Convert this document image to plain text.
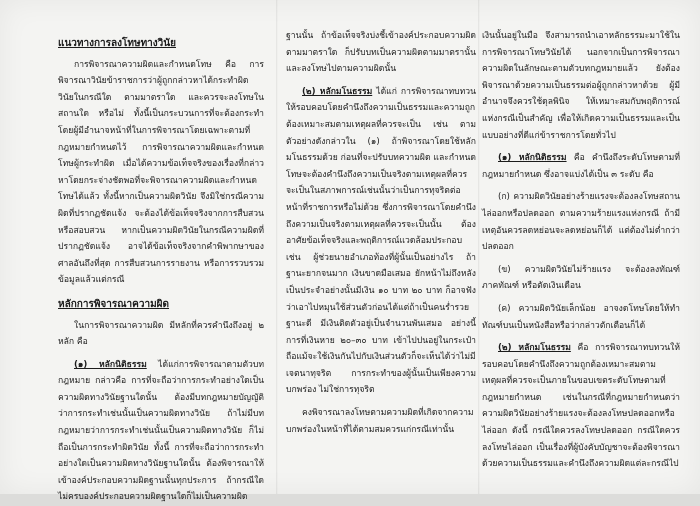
แนวทางการลงโทษทางวินัย

การพิจารณาความผิดและกำหนดโทษ คือ การพิจารณาวินัยข้าราชการว่าผู้ถูกกล่าวหาได้กระทำผิดวินัยในกรณีใด ตามมาตราใด และควรจะลงโทษในสถานใด หรือไม่ ทั้งนี้เป็นกระบวนการที่จะต้องกระทำโดยผู้มีอำนาจหน้าที่ในการพิจารณาโดยเฉพาะตามที่กฎหมายกำหนดไว้ การพิจารณาความผิดและกำหนดโทษผู้กระทำผิด เมื่อได้ความข้อเท็จจริงของเรื่องที่กล่าวหาโดยกระจ่างชัดพอที่จะพิจารณาความผิดและกำหนดโทษได้แล้ว ทั้งนี้หากเป็นความผิดวินัย จึงมิใช่กรณีความผิดที่ปรากฏชัดแจ้ง จะต้องได้ข้อเท็จจริงจากการสืบสวนหรือสอบสวน หากเป็นความผิดวินัยในกรณีความผิดที่ปรากฏชัดแจ้ง อาจได้ข้อเท็จจริงจากคำพิพากษาของศาลอันถึงที่สุด การสืบสวนการรายงาน หรือการรวบรวมข้อมูลแล้วแต่กรณี

หลักการพิจารณาความผิด

ในการพิจารณาความผิด มีหลักที่ควรคำนึงถึงอยู่ ๒ หลัก คือ

(๑) หลักนิติธรรม ได้แก่การพิจารณาตามตัวบทกฎหมาย กล่าวคือ การที่จะถือว่าการกระทำอย่างใดเป็นความผิดทางวินัยฐานใดนั้น ต้องมีบทกฎหมายบัญญัติว่าการกระทำเช่นนั้นเป็นความผิดทางวินัย ถ้าไม่มีบทกฎหมายว่าการกระทำเช่นนั้นเป็นความผิดทางวินัย ก็ไม่ถือเป็นการกระทำผิดวินัย ทั้งนี้ การที่จะถือว่าการกระทำอย่างใดเป็นความผิดทางวินัยฐานใดนั้น ต้องพิจารณาให้เข้าองค์ประกอบความผิดฐานนั้นทุกประการ ถ้ากรณีใดไม่ครบองค์ประกอบความผิดฐานใดก็ไม่เป็นความผิด

ฐานนั้น ถ้าข้อเท็จจริงบ่งชี้เข้าองค์ประกอบความผิดตามมาตราใด ก็ปรับบทเป็นความผิดตามมาตรานั้น และลงโทษไปตามความผิดนั้น

(๒) หลักมโนธรรม ได้แก่ การพิจารณาทบทวนให้รอบคอบโดยคำนึงถึงความเป็นธรรมและความถูกต้องเหมาะสมตามเหตุผลที่ควรจะเป็น เช่น ตามตัวอย่างดังกล่าวใน (๑) ถ้าพิจารณาโดยใช้หลักมโนธรรมด้วย ก่อนที่จะปรับบทความผิด และกำหนดโทษจะต้องคำนึงถึงความเป็นจริงตามเหตุผลที่ควรจะเป็นในสภาพการณ์เช่นนั้นว่าเป็นการทุจริตต่อหน้าที่ราชการหรือไม่ด้วย ซึ่งการพิจารณาโดยคำนึงถึงความเป็นจริงตามเหตุผลที่ควรจะเป็นนั้น ต้องอาศัยข้อเท็จจริงและพฤติการณ์แวดล้อมประกอบ เช่น ผู้ช่วยนายอำเภอท้องที่ผู้นั้นเป็นอย่างไร ถ้าฐานะยากจนมาก เงินขาดมือเสมอ ยักหน้าไม่ถึงหลังเป็นประจำอย่างนั้นมีเงิน ๑๐ บาท ๒๐ บาท ก็อาจฟังว่าเอาไปหมุนใช้ส่วนตัวก่อนได้แต่ถ้าเป็นคนร่ำรวย ฐานะดี มีเงินติดตัวอยู่เป็นจำนวนพันเสมอ อย่างนี้การที่เงินหาย ๒๐–๓๐ บาท เข้าไปปนอยู่ในกระเป๋า ถือแม้จะใช้เงินกันไปกับเงินส่วนตัวก็จะเห็นได้ว่าไม่มีเจตนาทุจริต การกระทำของผู้นั้นเป็นเพียงความบกพร่อง ไม่ใช่การทุจริต

คงพิจารณาลงโทษตามความผิดที่เกิดจากความบกพร่องในหน้าที่ได้ตามสมควรแก่กรณีเท่านั้น

เงินนั้นอยู่ในมือ จึงสามารถนำเอาหลักธรรมะมาใช้ในการพิจารณาโทษวินัยได้ นอกจากเป็นการพิจารณาความผิดในลักษณะตามตัวบทกฎหมายแล้ว ยังต้องพิจารณาด้วยความเป็นธรรมต่อผู้ถูกกล่าวหาด้วย ผู้มีอำนาจจึงควรใช้ดุลพินิจ ให้เหมาะสมกับพฤติการณ์แห่งกรณีเป็นสำคัญ เพื่อให้เกิดความเป็นธรรมและเป็นแบบอย่างที่ดีแก่ข้าราชการโดยทั่วไป

(๑) หลักนิติธรรม คือ คำนึงถึงระดับโทษตามที่กฎหมายกำหนด ซึ่งอาจแบ่งได้เป็น ๓ ระดับ คือ

(ก) ความผิดวินัยอย่างร้ายแรงจะต้องลงโทษสถานไล่ออกหรือปลดออก ตามความร้ายแรงแห่งกรณี ถ้ามีเหตุอันควรลดหย่อนจะลดหย่อนก็ได้ แต่ต้องไม่ต่ำกว่าปลดออก

(ข) ความผิดวินัยไม่ร้ายแรง จะต้องลงทัณฑ์ภาคทัณฑ์ หรือตัดเงินเดือน

(ค) ความผิดวินัยเล็กน้อย อาจงดโทษโดยให้ทำทัณฑ์บนเป็นหนังสือหรือว่ากล่าวตักเตือนก็ได้

(๒) หลักมโนธรรม คือ การพิจารณาทบทวนให้รอบคอบโดยคำนึงถึงความถูกต้องเหมาะสมตามเหตุผลที่ควรจะเป็นภายในขอบเขตระดับโทษตามที่กฎหมายกำหนด เช่นในกรณีที่กฎหมายกำหนดว่าความผิดวินัยอย่างร้ายแรงจะต้องลงโทษปลดออกหรือไล่ออก ดังนี้ กรณีใดควรลงโทษปลดออก กรณีใดควรลงโทษไล่ออก เป็นเรื่องที่ผู้บังคับบัญชาจะต้องพิจารณาด้วยความเป็นธรรมและคำนึงถึงความผิดแต่ละกรณีไป
